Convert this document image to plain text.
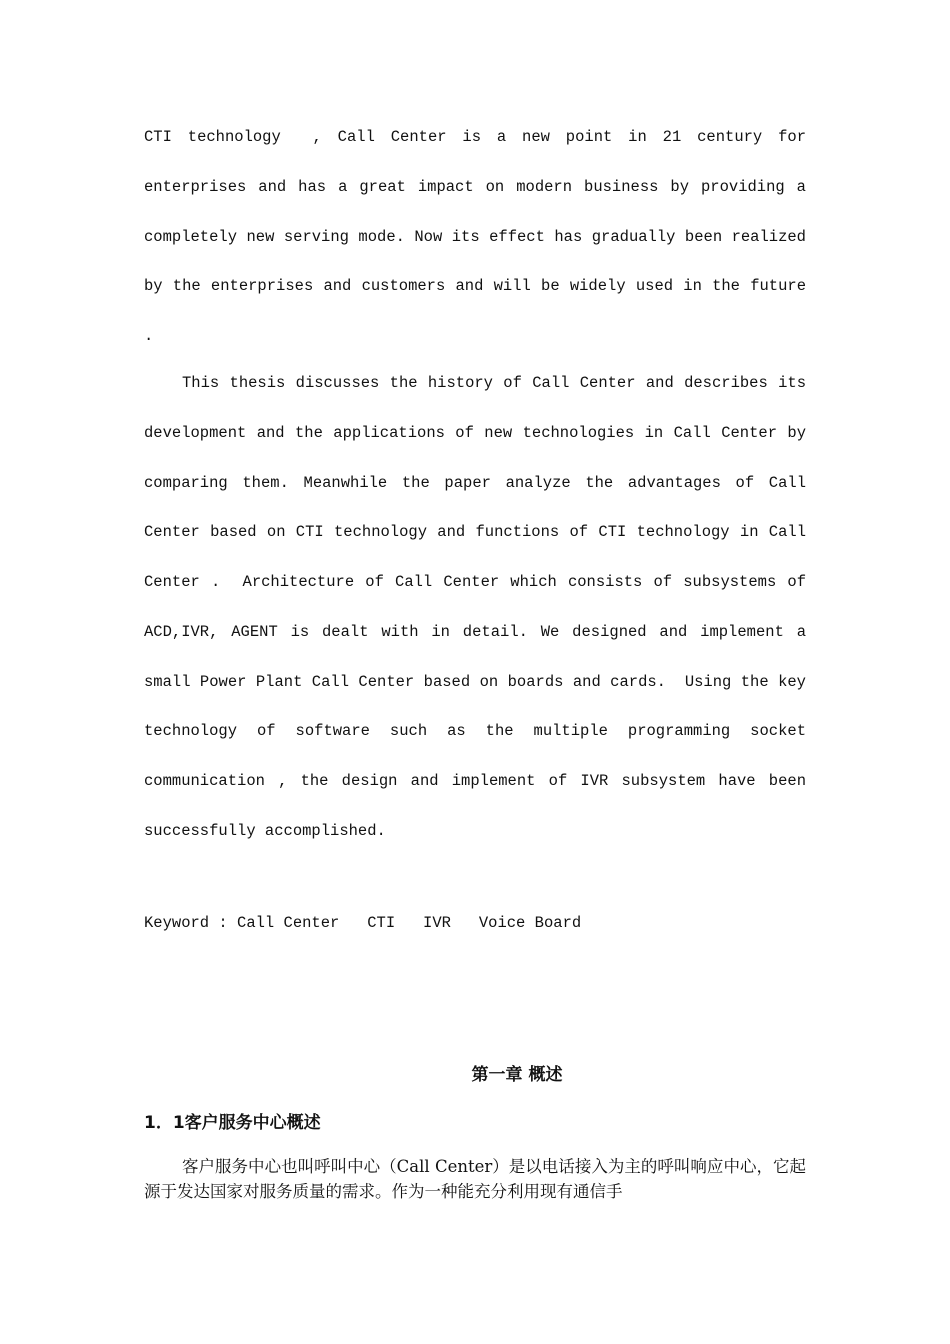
CTI technology  , Call Center is a new point in 21 century for enterprises and has a great impact on modern business by providing a completely new serving mode. Now its effect has gradually been realized by the enterprises and customers and will be widely used in the future .

This thesis discusses the history of Call Center and describes its development and the applications of new technologies in Call Center by comparing them. Meanwhile the paper analyze the advantages of Call Center based on CTI technology and functions of CTI technology in Call Center .  Architecture of Call Center which consists of subsystems of ACD,IVR, AGENT is dealt with in detail. We designed and implement a small Power Plant Call Center based on boards and cards.  Using the key technology of software such as the multiple programming socket communication , the design and implement of IVR subsystem have been successfully accomplished.

Keyword : Call Center   CTI   IVR   Voice Board

第一章 概述
1．1客户服务中心概述

客户服务中心也叫呼叫中心（Call Center）是以电话接入为主的呼叫响应中心，它起源于发达国家对服务质量的需求。作为一种能充分利用现有通信手
